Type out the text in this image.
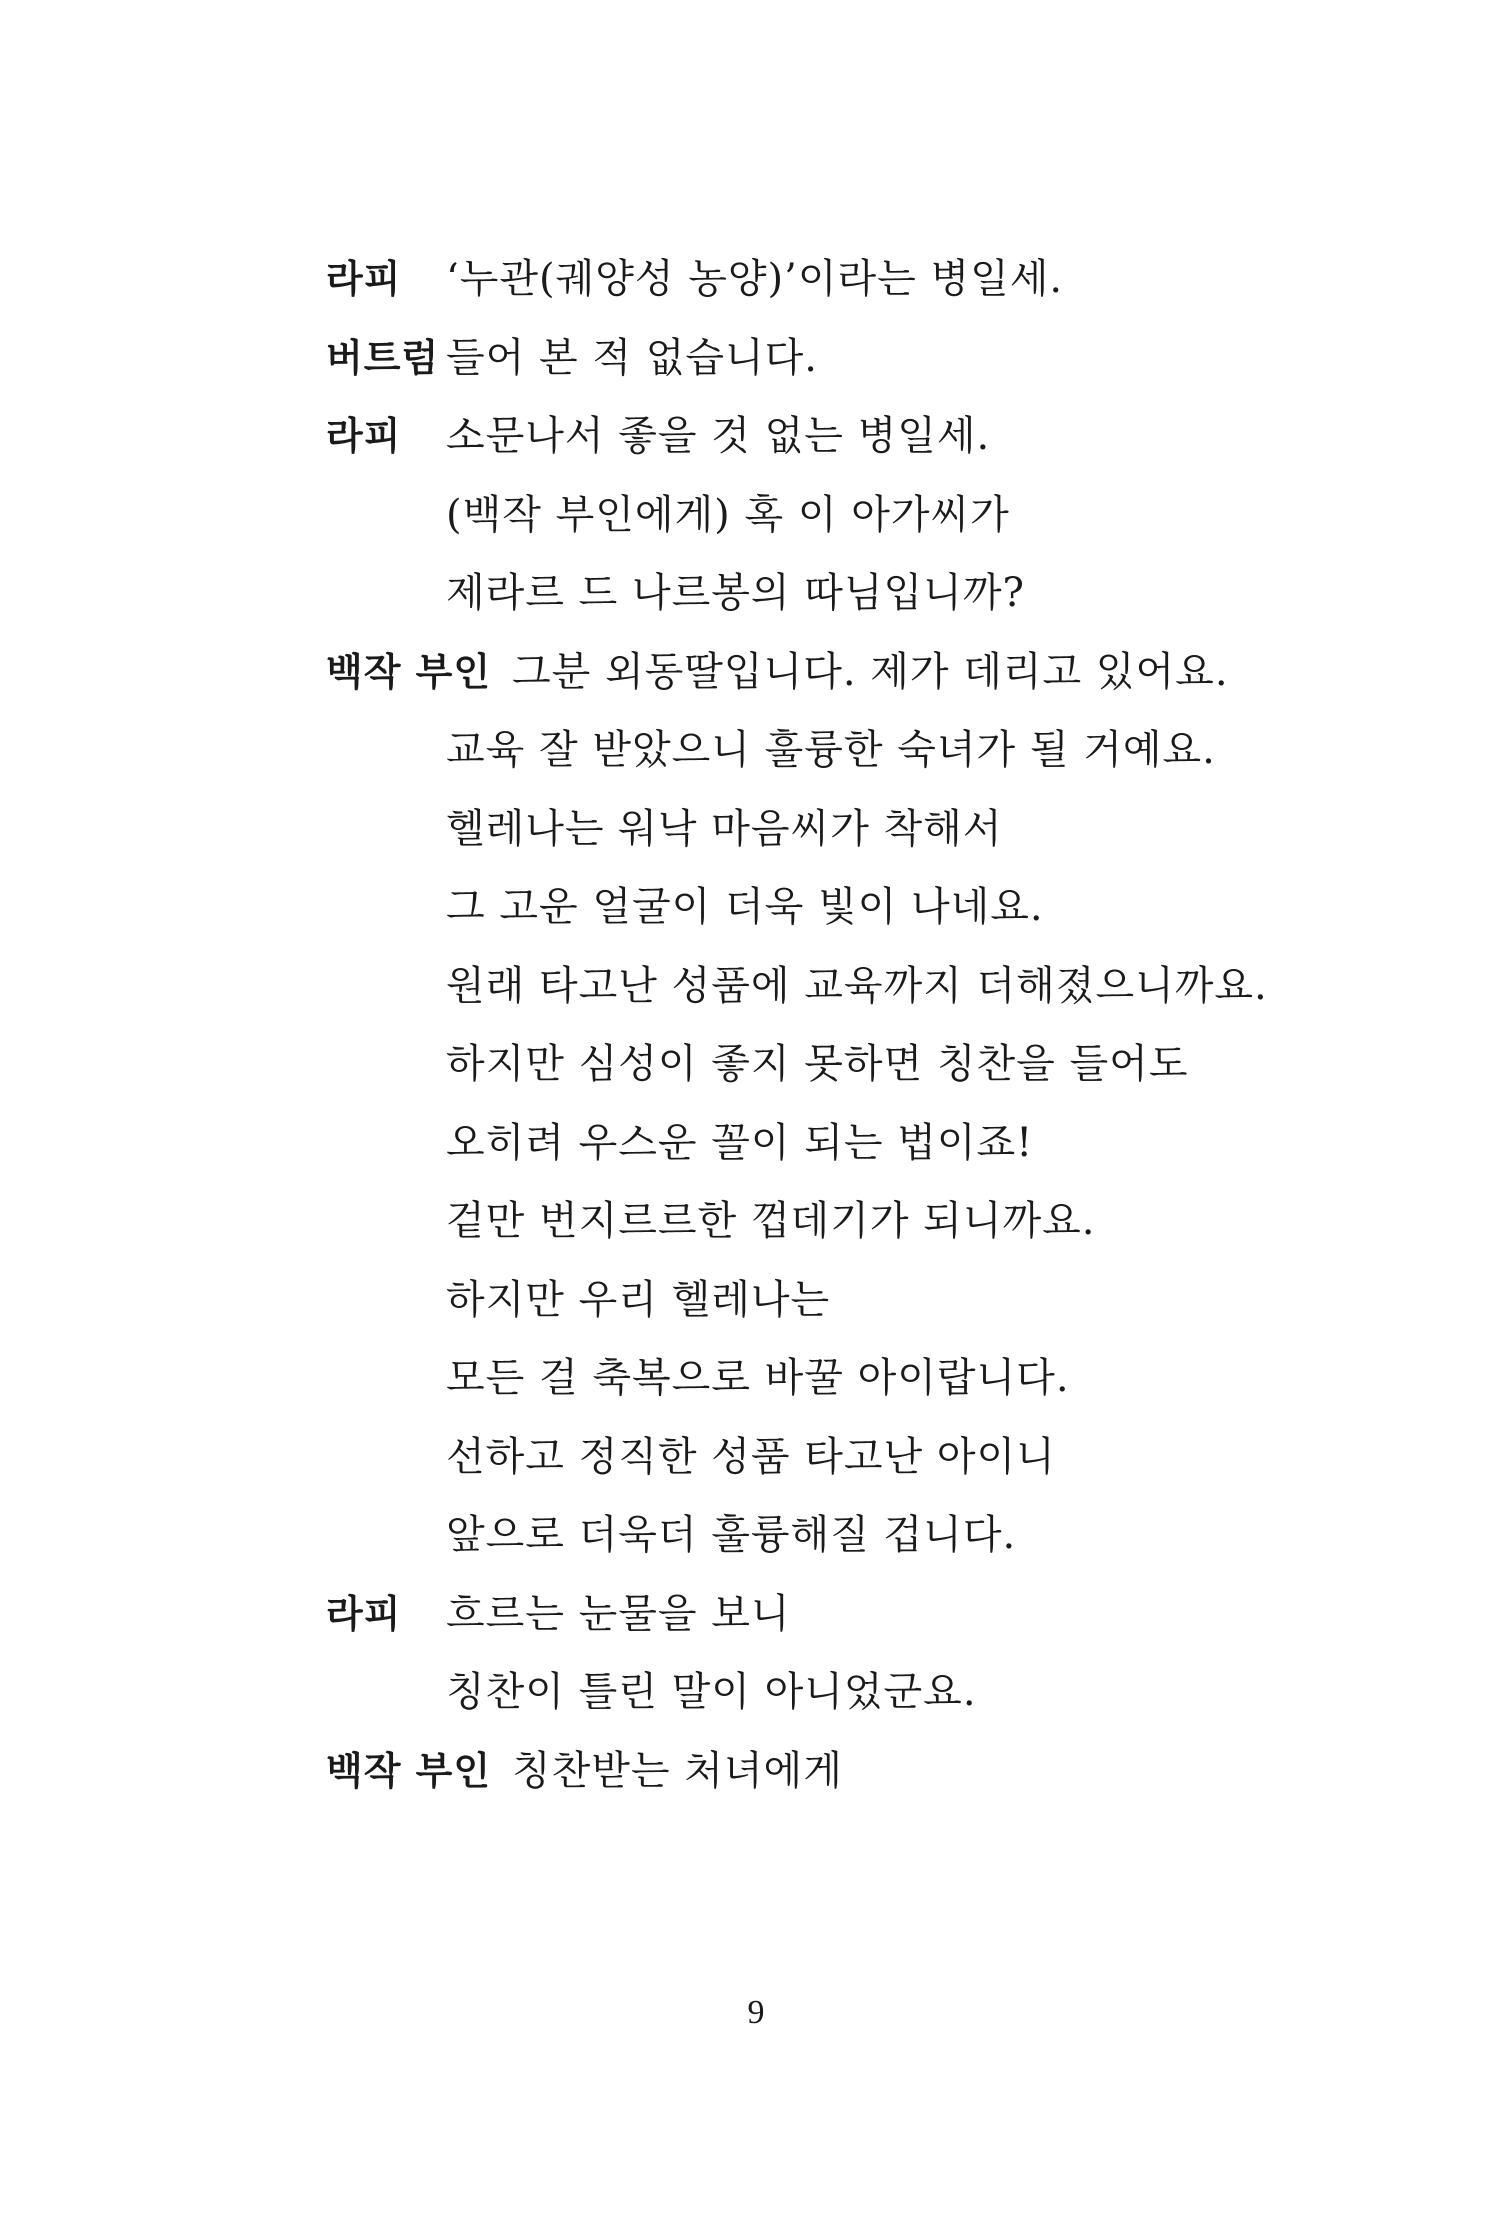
라피 ‘누관(궤양성 농양)’이라는 병일세.
버트럼 들어 본 적 없습니다.
라피 소문나서 좋을 것 없는 병일세.
(백작 부인에게) 혹 이 아가씨가
제라르 드 나르봉의 따님입니까?
백작 부인 그분 외동딸입니다. 제가 데리고 있어요.
교육 잘 받았으니 훌륭한 숙녀가 될 거예요.
헬레나는 워낙 마음씨가 착해서
그 고운 얼굴이 더욱 빛이 나네요.
원래 타고난 성품에 교육까지 더해졌으니까요.
하지만 심성이 좋지 못하면 칭찬을 들어도
오히려 우스운 꼴이 되는 법이죠!
겉만 번지르르한 껍데기가 되니까요.
하지만 우리 헬레나는
모든 걸 축복으로 바꿀 아이랍니다.
선하고 정직한 성품 타고난 아이니
앞으로 더욱더 훌륭해질 겁니다.
라피 흐르는 눈물을 보니
칭찬이 틀린 말이 아니었군요.
백작 부인 칭찬받는 처녀에게
9
